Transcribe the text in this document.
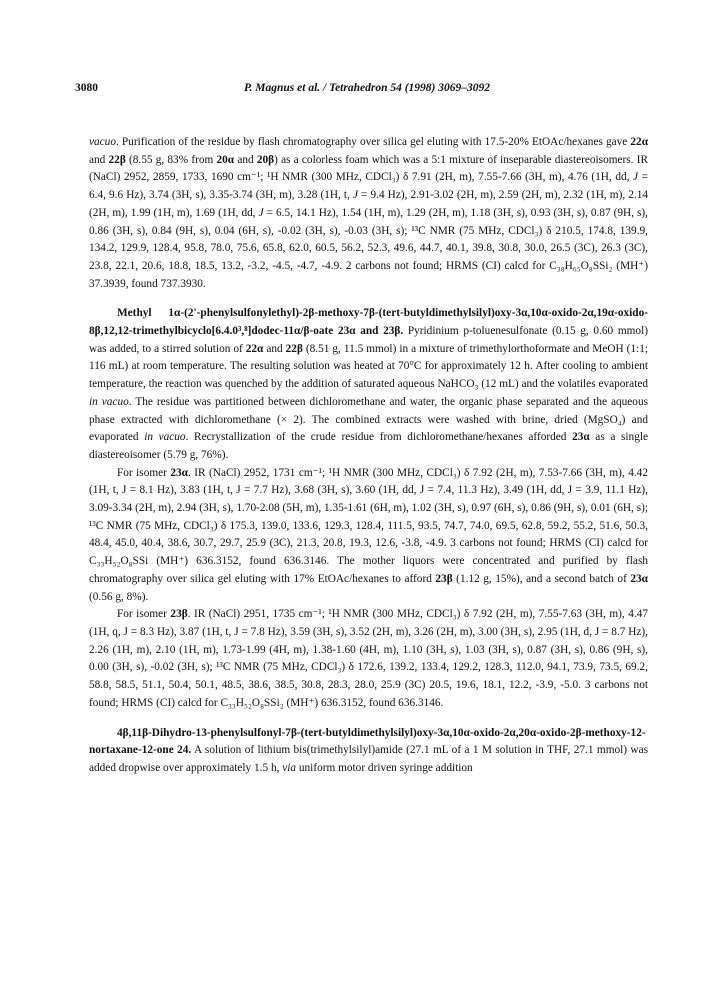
3080	P. Magnus et al. / Tetrahedron 54 (1998) 3069–3092

vacuo. Purification of the residue by flash chromatography over silica gel eluting with 17.5-20% EtOAc/hexanes gave 22α and 22β (8.55 g, 83% from 20α and 20β) as a colorless foam which was a 5:1 mixture of inseparable diastereoisomers. IR (NaCl) 2952, 2859, 1733, 1690 cm⁻¹; ¹H NMR (300 MHz, CDCl₃) δ 7.91 (2H, m), 7.55-7.66 (3H, m), 4.76 (1H, dd, J = 6.4, 9.6 Hz), 3.74 (3H, s), 3.35-3.74 (3H, m), 3.28 (1H, t, J = 9.4 Hz), 2.91-3.02 (2H, m), 2.59 (2H, m), 2.32 (1H, m), 2.14 (2H, m), 1.99 (1H, m), 1.69 (1H, dd, J = 6.5, 14.1 Hz), 1.54 (1H, m), 1.29 (2H, m), 1.18 (3H, s), 0.93 (3H, s), 0.87 (9H, s), 0.86 (3H, s), 0.84 (9H, s), 0.04 (6H, s), -0.02 (3H, s), -0.03 (3H, s); ¹³C NMR (75 MHz, CDCl₃) δ 210.5, 174.8, 139.9, 134.2, 129.9, 128.4, 95.8, 78.0, 75.6, 65.8, 62.0, 60.5, 56.2, 52.3, 49.6, 44.7, 40.1, 39.8, 30.8, 30.0, 26.5 (3C), 26.3 (3C), 23.8, 22.1, 20.6, 18.8, 18.5, 13.2, -3.2, -4.5, -4.7, -4.9. 2 carbons not found; HRMS (CI) calcd for C₃₈H₆₅O₈SSi₂ (MH⁺) 37.3939, found 737.3930.

Methyl 1α-(2'-phenylsulfonylethyl)-2β-methoxy-7β-(tert-butyldimethylsilyl)oxy-3α,10α-oxido-2α,19α-oxido-8β,12,12-trimethylbicyclo[6.4.0³,⁸]dodec-11α/β-oate 23α and 23β. Pyridinium p-toluenesulfonate (0.15 g, 0.60 mmol) was added, to a stirred solution of 22α and 22β (8.51 g, 11.5 mmol) in a mixture of trimethylorthoformate and MeOH (1:1; 116 mL) at room temperature. The resulting solution was heated at 70°C for approximately 12 h. After cooling to ambient temperature, the reaction was quenched by the addition of saturated aqueous NaHCO₃ (12 mL) and the volatiles evaporated in vacuo. The residue was partitioned between dichloromethane and water, the organic phase separated and the aqueous phase extracted with dichloromethane (× 2). The combined extracts were washed with brine, dried (MgSO₄) and evaporated in vacuo. Recrystallization of the crude residue from dichloromethane/hexanes afforded 23α as a single diastereoisomer (5.79 g, 76%).

For isomer 23α. IR (NaCl) 2952, 1731 cm⁻¹; ¹H NMR (300 MHz, CDCl₃) δ 7.92 (2H, m), 7.53-7.66 (3H, m), 4.42 (1H, t, J = 8.1 Hz), 3.83 (1H, t, J = 7.7 Hz), 3.68 (3H, s), 3.60 (1H, dd, J = 7.4, 11.3 Hz), 3.49 (1H, dd, J = 3.9, 11.1 Hz), 3.09-3.34 (2H, m), 2.94 (3H, s), 1.70-2.08 (5H, m), 1.35-1.61 (6H, m), 1.02 (3H, s), 0.97 (6H, s), 0.86 (9H, s), 0.01 (6H, s); ¹³C NMR (75 MHz, CDCl₃) δ 175.3, 139.0, 133.6, 129.3, 128.4, 111.5, 93.5, 74.7, 74.0, 69.5, 62.8, 59.2, 55.2, 51.6, 50.3, 48.4, 45.0, 40.4, 38.6, 30.7, 29.7, 25.9 (3C), 21.3, 20.8, 19.3, 12.6, -3.8, -4.9. 3 carbons not found; HRMS (CI) calcd for C₃₃H₅₂O₈SSi (MH⁺) 636.3152, found 636.3146. The mother liquors were concentrated and purified by flash chromatography over silica gel eluting with 17% EtOAc/hexanes to afford 23β (1.12 g, 15%), and a second batch of 23α (0.56 g, 8%).

For isomer 23β. IR (NaCl) 2951, 1735 cm⁻¹; ¹H NMR (300 MHz, CDCl₃) δ 7.92 (2H, m), 7.55-7.63 (3H, m), 4.47 (1H, q, J = 8.3 Hz), 3.87 (1H, t, J = 7.8 Hz), 3.59 (3H, s), 3.52 (2H, m), 3.26 (2H, m), 3.00 (3H, s), 2.95 (1H, d, J = 8.7 Hz), 2.26 (1H, m), 2.10 (1H, m), 1.73-1.99 (4H, m), 1.38-1.60 (4H, m), 1.10 (3H, s), 1.03 (3H, s), 0.87 (3H, s), 0.86 (9H, s), 0.00 (3H, s), -0.02 (3H, s); ¹³C NMR (75 MHz, CDCl₃) δ 172.6, 139.2, 133.4, 129.2, 128.3, 112.0, 94.1, 73.9, 73.5, 69.2, 58.8, 58.5, 51.1, 50.4, 50.1, 48.5, 38.6, 38.5, 30.8, 28.3, 28.0, 25.9 (3C) 20.5, 19.6, 18.1, 12.2, -3.9, -5.0. 3 carbons not found; HRMS (CI) calcd for C₃₃H₅₂O₈SSi₂ (MH⁺) 636.3152, found 636.3146.

4β,11β-Dihydro-13-phenylsulfonyl-7β-(tert-butyldimethylsilyl)oxy-3α,10α-oxido-2α,20α-oxido-2β-methoxy-12-nortaxane-12-one 24. A solution of lithium bis(trimethylsilyl)amide (27.1 mL of a 1 M solution in THF, 27.1 mmol) was added dropwise over approximately 1.5 h, via uniform motor driven syringe addition
